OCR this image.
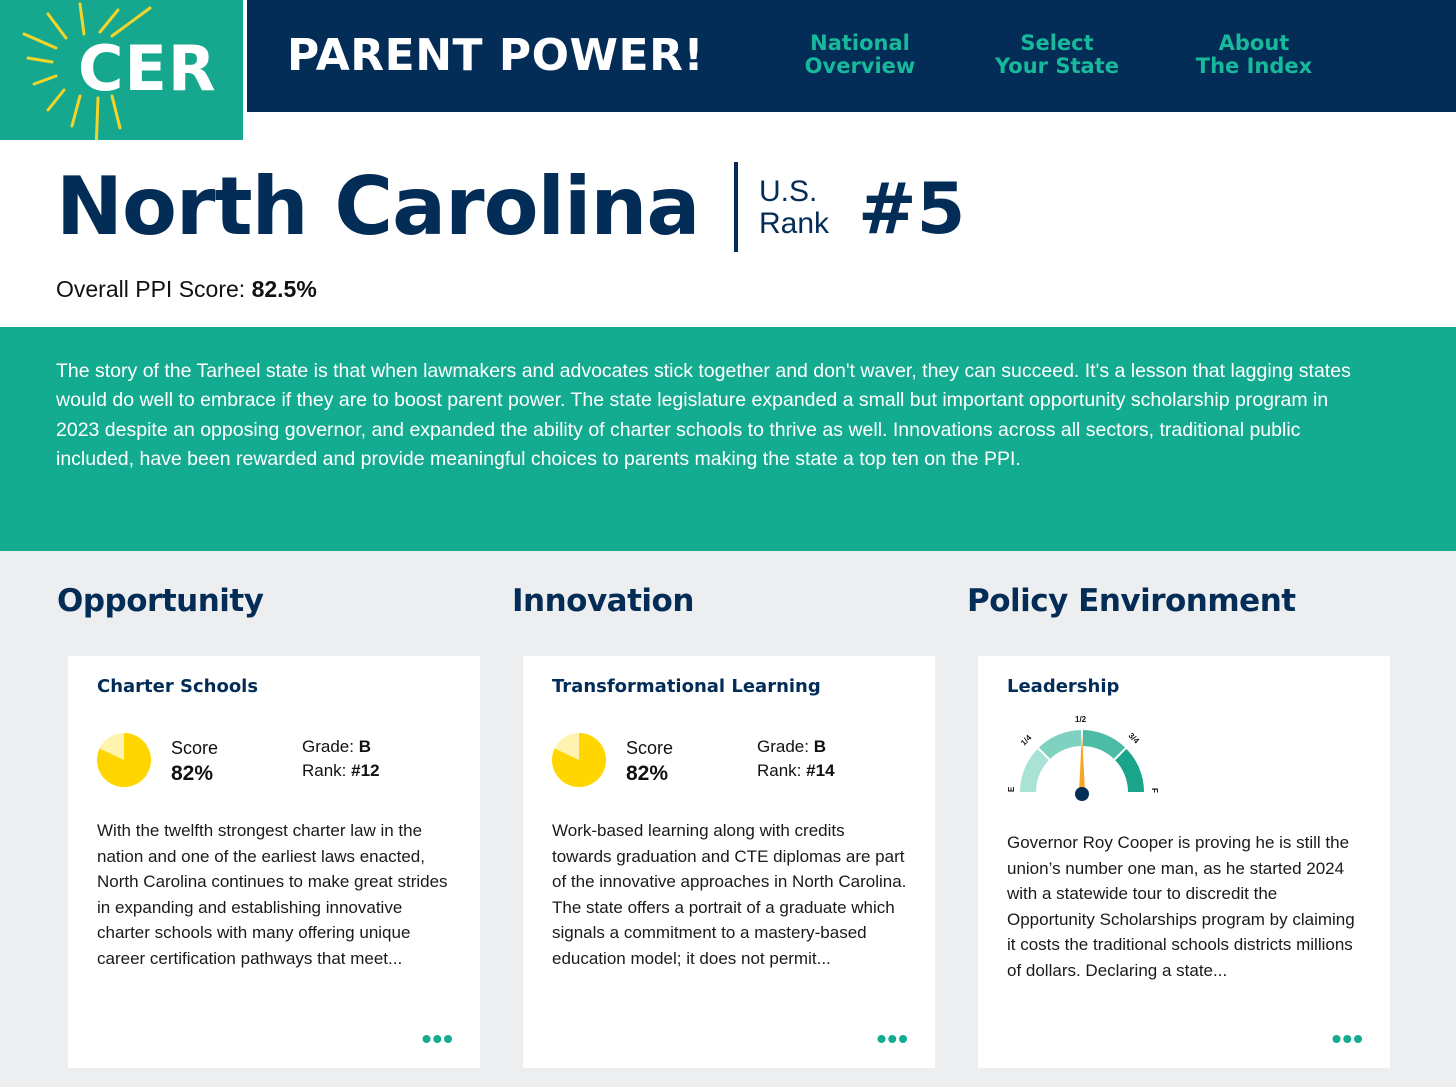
CER PARENT POWER!	National
Overview
Select
Your State
About
The Index
North Carolina U.S.
Rank #5
Overall PPI Score: 82.5%

The story of the Tarheel state is that when lawmakers and advocates stick together and don't waver, they can succeed. It's a lesson that lagging states would do well to embrace if they are to boost parent power. The state legislature expanded a small but important opportunity scholarship program in 2023 despite an opposing governor, and expanded the ability of charter schools to thrive as well. Innovations across all sectors, traditional public included, have been rewarded and provide meaningful choices to parents making the state a top ten on the PPI.

Opportunity	Innovation	Policy Environment
Charter Schools
Score
82%
Grade: B
Rank: #12

With the twelfth strongest charter law in the nation and one of the earliest laws enacted, North Carolina continues to make great strides in expanding and establishing innovative charter schools with many offering unique career certification pathways that meet...

•••
Transformational Learning
Score
82%
Grade: B
Rank: #14

Work-based learning along with credits towards graduation and CTE diplomas are part of the innovative approaches in North Carolina. The state offers a portrait of a graduate which signals a commitment to a mastery-based education model; it does not permit...

•••
Leadership
E
1/4
1/2
3/4
F

Governor Roy Cooper is proving he is still the union’s number one man, as he started 2024 with a statewide tour to discredit the Opportunity Scholarships program by claiming it costs the traditional schools districts millions of dollars. Declaring a state...

•••
